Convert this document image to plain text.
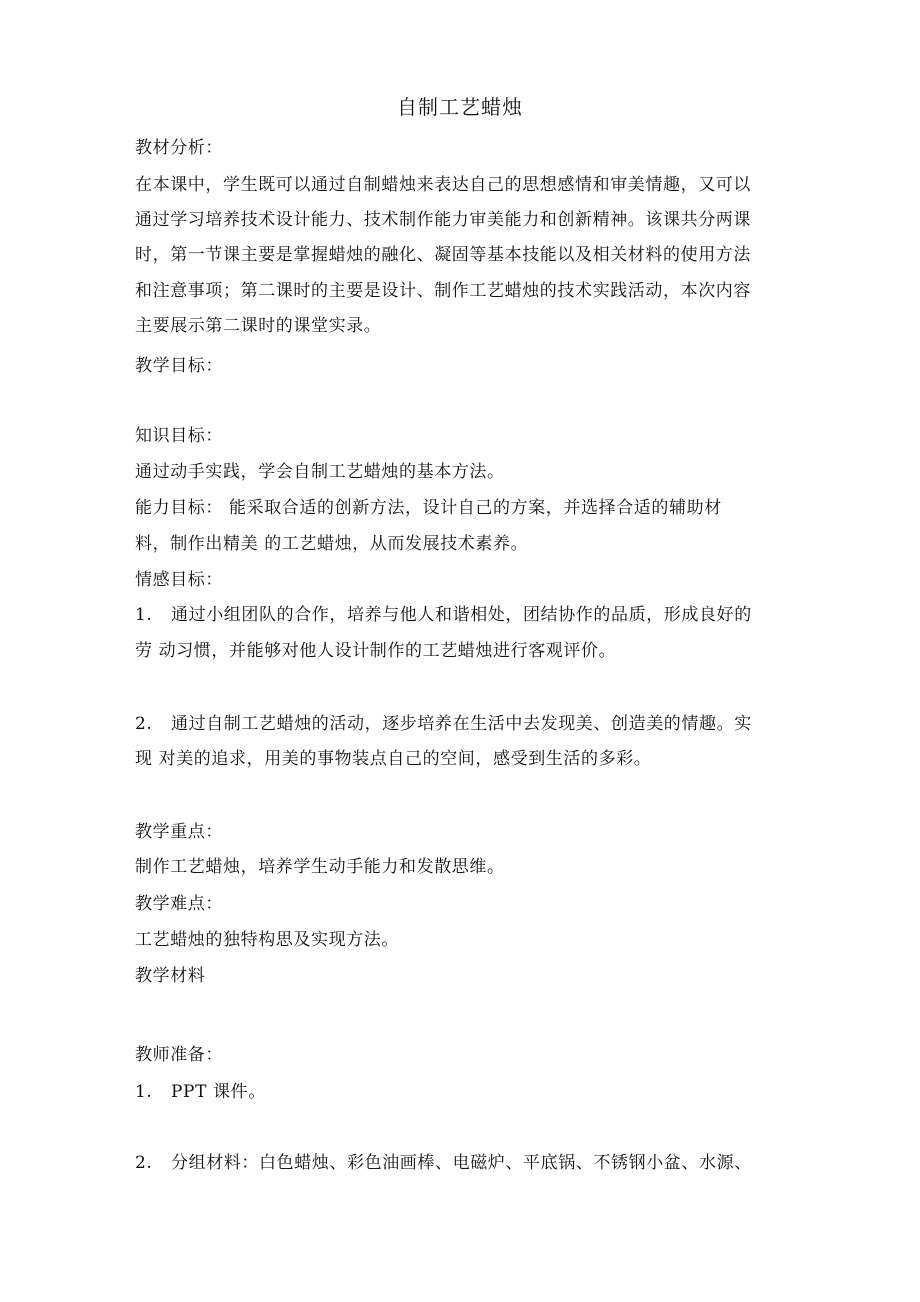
自制工艺蜡烛
教材分析：
在本课中，学生既可以通过自制蜡烛来表达自己的思想感情和审美情趣，又可以
通过学习培养技术设计能力、技术制作能力审美能力和创新精神。该课共分两课
时，第一节课主要是掌握蜡烛的融化、凝固等基本技能以及相关材料的使用方法
和注意事项；第二课时的主要是设计、制作工艺蜡烛的技术实践活动，本次内容
主要展示第二课时的课堂实录。
教学目标：
知识目标：
通过动手实践，学会自制工艺蜡烛的基本方法。
能力目标： 能采取合适的创新方法，设计自己的方案，并选择合适的辅助材
料，制作出精美 的工艺蜡烛，从而发展技术素养。
情感目标：
1. 通过小组团队的合作，培养与他人和谐相处，团结协作的品质，形成良好的
劳 动习惯，并能够对他人设计制作的工艺蜡烛进行客观评价。
2. 通过自制工艺蜡烛的活动，逐步培养在生活中去发现美、创造美的情趣。实
现 对美的追求，用美的事物装点自己的空间，感受到生活的多彩。
教学重点：
制作工艺蜡烛，培养学生动手能力和发散思维。
教学难点：
工艺蜡烛的独特构思及实现方法。
教学材料
教师准备：
1. PPT 课件。
2. 分组材料：白色蜡烛、彩色油画棒、电磁炉、平底锅、不锈钢小盆、水源、
